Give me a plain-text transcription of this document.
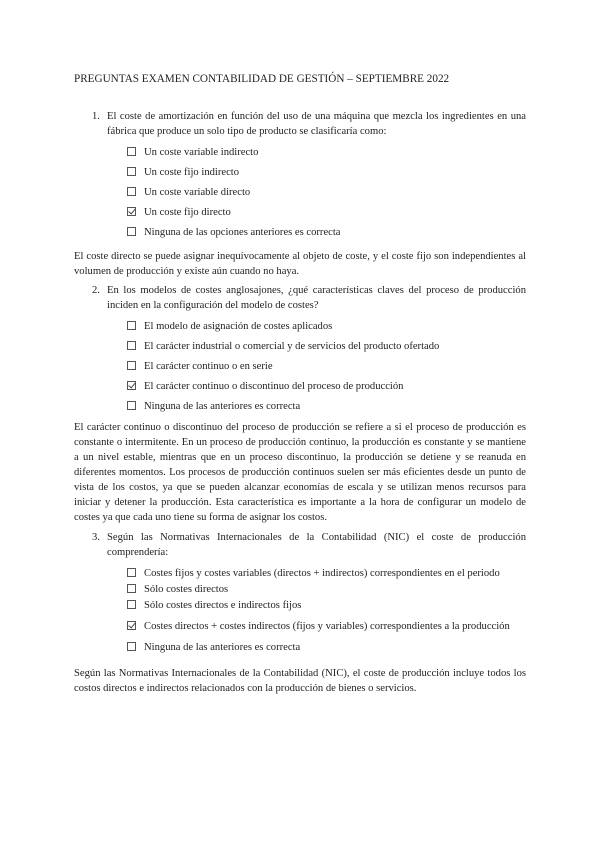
PREGUNTAS EXAMEN CONTABILIDAD DE GESTIÓN – SEPTIEMBRE 2022
1. El coste de amortización en función del uso de una máquina que mezcla los ingredientes en una fábrica que produce un solo tipo de producto se clasificaría como:
Un coste variable indirecto
Un coste fijo indirecto
Un coste variable directo
Un coste fijo directo
Ninguna de las opciones anteriores es correcta
El coste directo se puede asignar inequívocamente al objeto de coste, y el coste fijo son independientes al volumen de producción y existe aún cuando no haya.
2. En los modelos de costes anglosajones, ¿qué características claves del proceso de producción inciden en la configuración del modelo de costes?
El modelo de asignación de costes aplicados
El carácter industrial o comercial y de servicios del producto ofertado
El carácter continuo o en serie
El carácter continuo o discontinuo del proceso de producción
Ninguna de las anteriores es correcta
El carácter continuo o discontinuo del proceso de producción se refiere a si el proceso de producción es constante o intermitente. En un proceso de producción continuo, la producción es constante y se mantiene a un nivel estable, mientras que en un proceso discontinuo, la producción se detiene y se reanuda en diferentes momentos. Los procesos de producción continuos suelen ser más eficientes desde un punto de vista de los costos, ya que se pueden alcanzar economías de escala y se utilizan menos recursos para iniciar y detener la producción. Esta característica es importante a la hora de configurar un modelo de costes ya que cada uno tiene su forma de asignar los costos.
3. Según las Normativas Internacionales de la Contabilidad (NIC) el coste de producción comprendería:
Costes fijos y costes variables (directos + indirectos) correspondientes en el periodo
Sólo costes directos
Sólo costes directos e indirectos fijos
Costes directos + costes indirectos (fijos y variables) correspondientes a la producción
Ninguna de las anteriores es correcta
Según las Normativas Internacionales de la Contabilidad (NIC), el coste de producción incluye todos los costos directos e indirectos relacionados con la producción de bienes o servicios.
